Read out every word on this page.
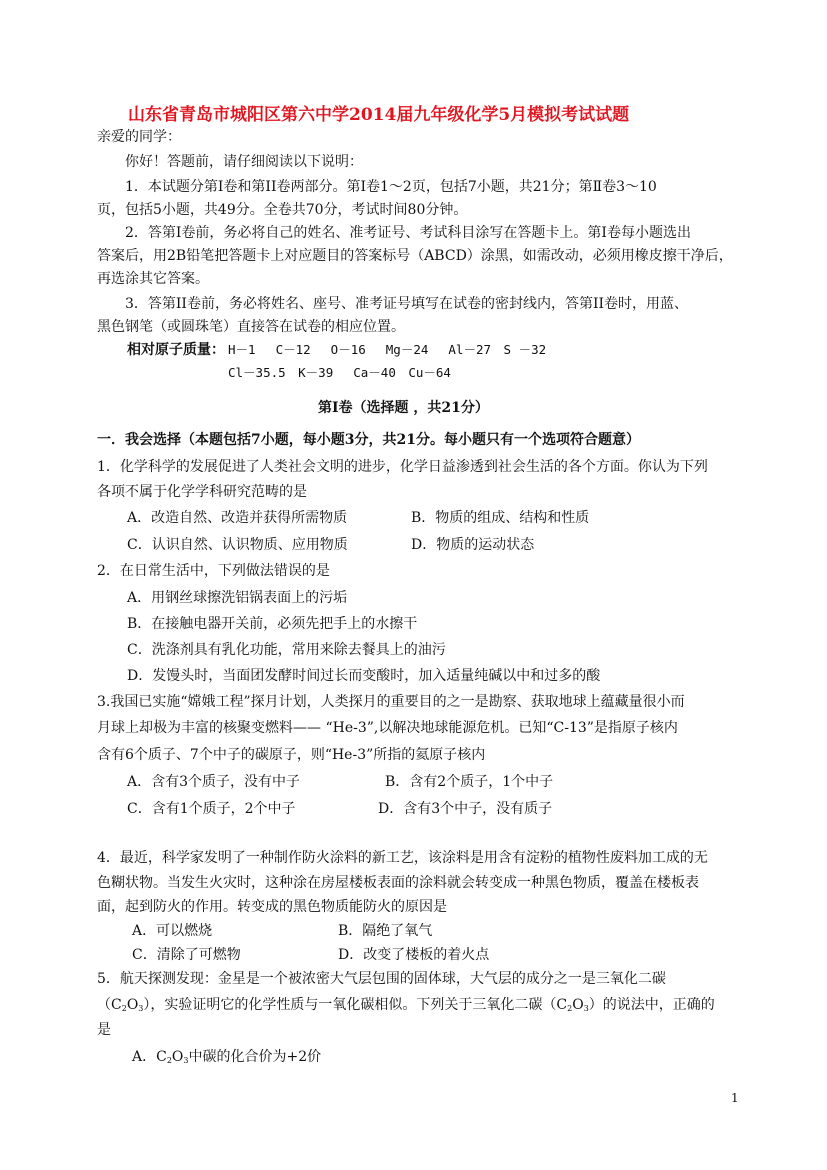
山东省青岛市城阳区第六中学2014届九年级化学5月模拟考试试题
亲爱的同学：
你好！答题前，请仔细阅读以下说明：
1．本试题分第Ⅰ卷和第II卷两部分。第Ⅰ卷1～2页，包括7小题，共21分；第Ⅱ卷3～10
页，包括5小题，共49分。全卷共70分，考试时间80分钟。
2．答第Ⅰ卷前，务必将自己的姓名、准考证号、考试科目涂写在答题卡上。第Ⅰ卷每小题选出
答案后，用2B铅笔把答题卡上对应题目的答案标号（ABCD）涂黑，如需改动，必须用橡皮擦干净后，
再选涂其它答案。
3．答第II卷前，务必将姓名、座号、准考证号填写在试卷的密封线内，答第II卷时，用蓝、
黑色钢笔（或圆珠笔）直接答在试卷的相应位置。
相对原子质量： H－1　 C－12　 O－16　 Mg－24　 Al－27　S －32
Cl－35.5　K－39　 Ca－40　Cu－64
第Ⅰ卷（选择题 ，共21分）
一．我会选择（本题包括7小题，每小题3分，共21分。每小题只有一个选项符合题意）
1．化学科学的发展促进了人类社会文明的进步，化学日益渗透到社会生活的各个方面。你认为下列
各项不属于化学学科研究范畴的是
A．改造自然、改造并获得所需物质	B．物质的组成、结构和性质
C．认识自然、认识物质、应用物质	D．物质的运动状态
2．在日常生活中，下列做法错误的是
A．用钢丝球擦洗铝锅表面上的污垢
B．在接触电器开关前，必须先把手上的水擦干
C．洗涤剂具有乳化功能，常用来除去餐具上的油污
D．发馒头时，当面团发酵时间过长而变酸时，加入适量纯碱以中和过多的酸
3.我国已实施“嫦娥工程”探月计划，人类探月的重要目的之一是勘察、获取地球上蕴藏量很小而
月球上却极为丰富的核聚变燃料—— “He-3”,以解决地球能源危机。已知“C-13”是指原子核内
含有6个质子、7个中子的碳原子，则“He-3”所指的氦原子核内
A．含有3个质子，没有中子	B．含有2个质子，1个中子
C．含有1个质子，2个中子	D．含有3个中子，没有质子
4．最近，科学家发明了一种制作防火涂料的新工艺，该涂料是用含有淀粉的植物性废料加工成的无
色糊状物。当发生火灾时，这种涂在房屋楼板表面的涂料就会转变成一种黑色物质，覆盖在楼板表
面，起到防火的作用。转变成的黑色物质能防火的原因是
A．可以燃烧	B．隔绝了氧气
C．清除了可燃物	D．改变了楼板的着火点
5．航天探测发现：金星是一个被浓密大气层包围的固体球，大气层的成分之一是三氧化二碳
$(C_2O_3)$，实验证明它的化学性质与一氧化碳相似。下列关于三氧化二碳$(C_2O_3)$的说法中，正确的
是
A．$C_2O_3$中碳的化合价为+2价
1
